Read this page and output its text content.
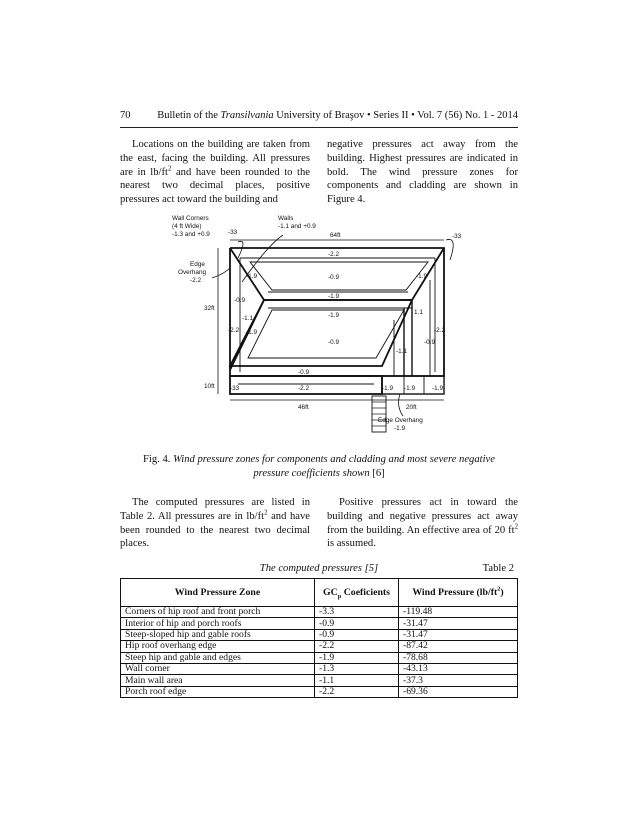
70	Bulletin of the Transilvania University of Braşov • Series II • Vol. 7 (56) No. 1 - 2014

Locations on the building are taken from the east, facing the building. All pressures are in $lb/ft^2$ and have been rounded to the nearest two decimal places, positive pressures act toward the building and

negative pressures act away from the building. Highest pressures are indicated in bold. The wind pressure zones for components and cladding are shown in Figure 4.

Wall Corners
(4 ft Wide)
-1.3 and +0.9
Walls
-1.1 and +0.9
Edge
Overhang
-2.2
Edge Overhang
-1.9
64ft
32ft
10ft
46ft	20ft
-33
-33
-33
-2.2
-0.9
-1.9
-1.9
-0.9
-0.9
-2.2
-1.9	-1.9
-0.9
-1.1
-2.2 -1.9
1.1
-2.2
-0.9
-1.1
-1.9 -1.9	-1.9
Fig. 4. Wind pressure zones for components and cladding and most severe negative pressure coefficients shown [6]

The computed pressures are listed in Table 2. All pressures are in $lb/ft^2$ and have been rounded to the nearest two decimal places.

Positive pressures act in toward the building and negative pressures act away from the building. An effective area of 20 $ft^2$ is assumed.

The computed pressures [5]	Table 2
Wind Pressure Zone	$GC_p$ Coeficients	Wind Pressure $(lb/ft^2)$
Corners of hip roof and front porch	-3.3	-119.48
Interior of hip and porch roofs	-0.9	-31.47
Steep-sloped hip and gable roofs	-0.9	-31.47
Hip roof overhang edge	-2.2	-87.42
Steep hip and gable and edges	-1.9	-78.68
Wall corner	-1.3	-43.13
Main wall area	-1.1	-37.3
Porch roof edge	-2.2	-69.36
